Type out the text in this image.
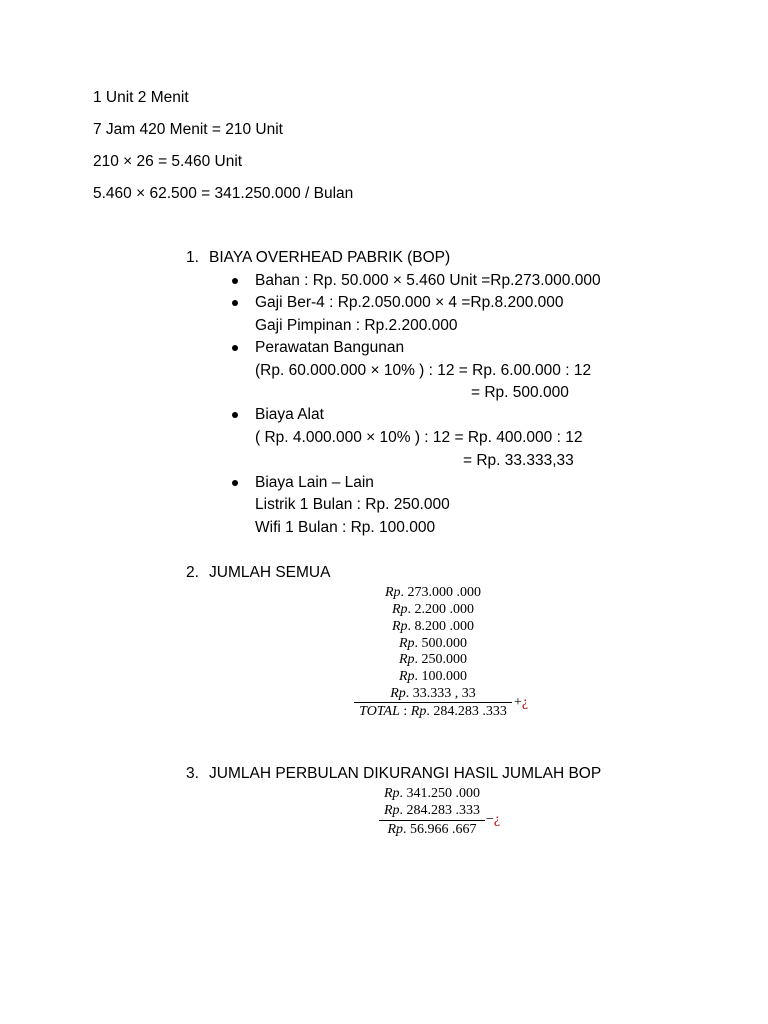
1 Unit 2 Menit
7 Jam 420 Menit = 210 Unit
210 × 26 = 5.460 Unit
5.460 × 62.500 = 341.250.000 / Bulan
1. BIAYA OVERHEAD PABRIK (BOP)
Bahan : Rp. 50.000 × 5.460 Unit =Rp.273.000.000
Gaji Ber-4 : Rp.2.050.000 × 4 =Rp.8.200.000
Gaji Pimpinan : Rp.2.200.000
Perawatan Bangunan
(Rp. 60.000.000 × 10% ) : 12 = Rp. 6.00.000 : 12
= Rp. 500.000
Biaya Alat
( Rp. 4.000.000 × 10% ) : 12 = Rp. 400.000 : 12
= Rp. 33.333,33
Biaya Lain – Lain
Listrik 1 Bulan : Rp. 250.000
Wifi 1 Bulan : Rp. 100.000
2. JUMLAH SEMUA
Rp. 273.000 .000
Rp. 2.200 .000
Rp. 8.200 .000
Rp. 500.000
Rp. 250.000
Rp. 100.000
Rp. 33.333 , 33
+¿
TOTAL : Rp. 284.283 .333
3. JUMLAH PERBULAN DIKURANGI HASIL JUMLAH BOP
Rp. 341.250 .000
Rp. 284.283 .333
−¿
Rp. 56.966 .667
